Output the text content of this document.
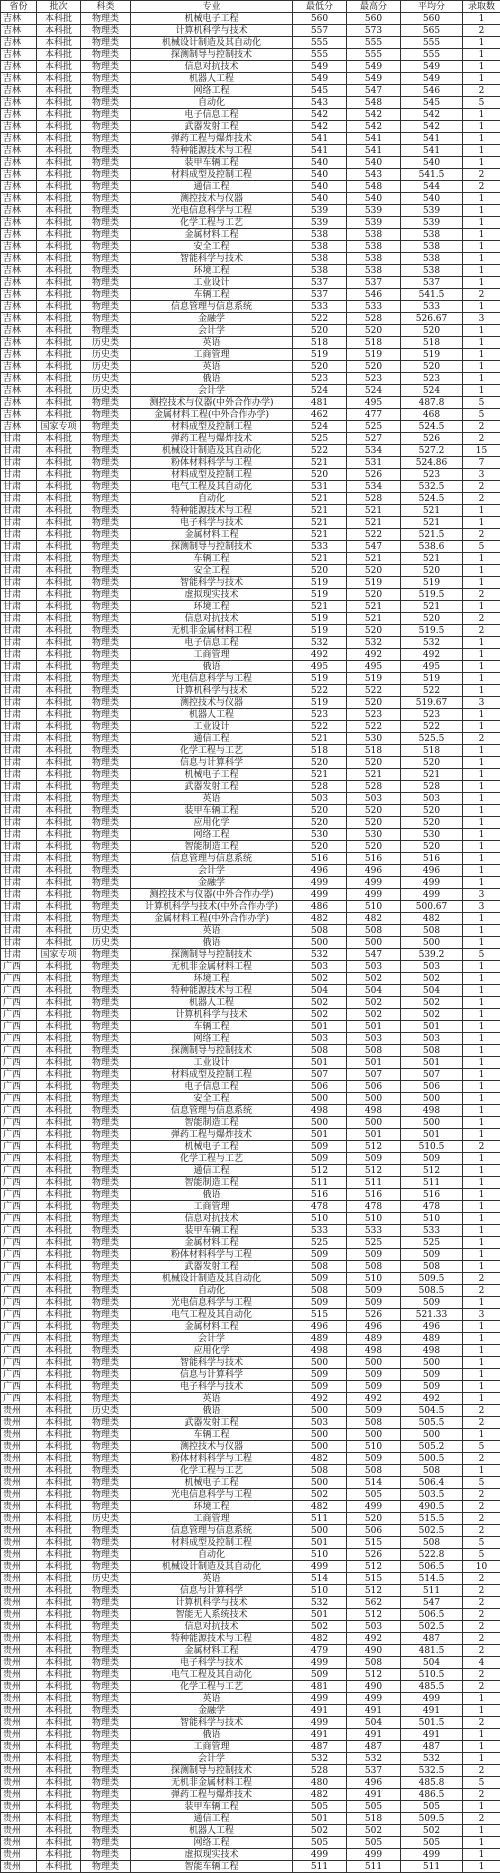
省份	批次	科类	专业	最低分	最高分	平均分	录取数
吉林	本科批	物理类	机械电子工程	560	560	560	1
吉林	本科批	物理类	计算机科学与技术	557	573	565	2
吉林	本科批	物理类	机械设计制造及其自动化	555	555	555	1
吉林	本科批	物理类	探测制导与控制技术	555	555	555	1
吉林	本科批	物理类	信息对抗技术	549	549	549	1
吉林	本科批	物理类	机器人工程	549	549	549	1
吉林	本科批	物理类	网络工程	545	547	546	2
吉林	本科批	物理类	自动化	543	548	545	5
吉林	本科批	物理类	电子信息工程	542	542	542	1
吉林	本科批	物理类	武器发射工程	542	542	542	1
吉林	本科批	物理类	弹药工程与爆炸技术	541	541	541	1
吉林	本科批	物理类	特种能源技术与工程	541	541	541	1
吉林	本科批	物理类	装甲车辆工程	540	540	540	1
吉林	本科批	物理类	材料成型及控制工程	540	543	541.5	2
吉林	本科批	物理类	通信工程	540	548	544	2
吉林	本科批	物理类	测控技术与仪器	540	540	540	1
吉林	本科批	物理类	光电信息科学与工程	539	539	539	1
吉林	本科批	物理类	化学工程与工艺	539	539	539	1
吉林	本科批	物理类	金属材料工程	538	538	538	1
吉林	本科批	物理类	安全工程	538	538	538	1
吉林	本科批	物理类	智能科学与技术	538	538	538	1
吉林	本科批	物理类	环境工程	538	538	538	1
吉林	本科批	物理类	工业设计	537	537	537	1
吉林	本科批	物理类	车辆工程	537	546	541.5	2
吉林	本科批	物理类	信息管理与信息系统	533	533	533	1
吉林	本科批	物理类	金融学	522	528	526.67	3
吉林	本科批	物理类	会计学	520	520	520	1
吉林	本科批	历史类	英语	518	518	518	1
吉林	本科批	历史类	工商管理	519	519	519	1
吉林	本科批	历史类	英语	520	520	520	1
吉林	本科批	历史类	俄语	523	523	523	1
吉林	本科批	历史类	会计学	524	524	524	1
吉林	本科批	物理类	测控技术与仪器(中外合作办学)	481	495	487.8	5
吉林	本科批	物理类	金属材料工程(中外合作办学)	462	477	468	5
吉林	国家专项	物理类	材料成型及控制工程	524	525	524.5	2
甘肃	本科批	物理类	弹药工程与爆炸技术	525	527	526	2
甘肃	本科批	物理类	机械设计制造及其自动化	522	534	527.2	15
甘肃	本科批	物理类	粉体材料科学与工程	521	531	524.86	7
甘肃	本科批	物理类	材料成型及控制工程	520	526	523	3
甘肃	本科批	物理类	电气工程及其自动化	531	534	532.5	2
甘肃	本科批	物理类	自动化	521	528	524.5	2
甘肃	本科批	物理类	特种能源技术与工程	521	521	521	1
甘肃	本科批	物理类	电子科学与技术	521	521	521	1
甘肃	本科批	物理类	金属材料工程	521	522	521.5	2
甘肃	本科批	物理类	探测制导与控制技术	533	547	538.6	5
甘肃	本科批	物理类	车辆工程	521	521	521	1
甘肃	本科批	物理类	安全工程	520	520	520	1
甘肃	本科批	物理类	智能科学与技术	519	519	519	1
甘肃	本科批	物理类	虚拟现实技术	519	520	519.5	2
甘肃	本科批	物理类	环境工程	521	521	521	1
甘肃	本科批	物理类	信息对抗技术	519	521	520	2
甘肃	本科批	物理类	无机非金属材料工程	519	520	519.5	2
甘肃	本科批	物理类	电子信息工程	532	532	532	1
甘肃	本科批	物理类	工商管理	492	492	492	1
甘肃	本科批	物理类	俄语	495	495	495	1
甘肃	本科批	物理类	光电信息科学与工程	519	519	519	1
甘肃	本科批	物理类	计算机科学与技术	522	522	522	1
甘肃	本科批	物理类	测控技术与仪器	519	520	519.67	3
甘肃	本科批	物理类	机器人工程	523	523	523	1
甘肃	本科批	物理类	工业设计	522	522	522	1
甘肃	本科批	物理类	通信工程	521	530	525.5	2
甘肃	本科批	物理类	化学工程与工艺	518	518	518	1
甘肃	本科批	物理类	信息与计算科学	520	520	520	1
甘肃	本科批	物理类	机械电子工程	521	521	521	1
甘肃	本科批	物理类	武器发射工程	528	528	528	1
甘肃	本科批	物理类	英语	503	503	503	1
甘肃	本科批	物理类	装甲车辆工程	520	520	520	1
甘肃	本科批	物理类	应用化学	520	520	520	1
甘肃	本科批	物理类	网络工程	530	530	530	1
甘肃	本科批	物理类	智能制造工程	520	520	520	1
甘肃	本科批	物理类	信息管理与信息系统	516	516	516	1
甘肃	本科批	物理类	会计学	496	496	496	1
甘肃	本科批	物理类	金融学	499	499	499	1
甘肃	本科批	物理类	测控技术与仪器(中外合作办学)	499	499	499	3
甘肃	本科批	物理类	计算机科学与技术(中外合作办学)	486	510	500.67	3
甘肃	本科批	物理类	金属材料工程(中外合作办学)	482	482	482	1
甘肃	本科批	历史类	英语	508	508	508	1
甘肃	本科批	历史类	俄语	500	500	500	1
甘肃	国家专项	物理类	探测制导与控制技术	532	547	539.2	5
广西	本科批	物理类	无机非金属材料工程	503	503	503	1
广西	本科批	物理类	环境工程	502	502	502	1
广西	本科批	物理类	特种能源技术与工程	504	504	504	1
广西	本科批	物理类	机器人工程	502	502	502	1
广西	本科批	物理类	计算机科学与技术	502	502	502	1
广西	本科批	物理类	车辆工程	501	501	501	1
广西	本科批	物理类	网络工程	503	503	503	1
广西	本科批	物理类	探测制导与控制技术	508	508	508	1
广西	本科批	物理类	工业设计	501	501	501	1
广西	本科批	物理类	材料成型及控制工程	507	507	507	1
广西	本科批	物理类	电子信息工程	506	506	506	1
广西	本科批	物理类	安全工程	500	500	500	1
广西	本科批	物理类	信息管理与信息系统	498	498	498	1
广西	本科批	物理类	智能制造工程	500	500	500	1
广西	本科批	物理类	弹药工程与爆炸技术	501	501	501	1
广西	本科批	物理类	机械电子工程	509	512	510.5	2
广西	本科批	物理类	化学工程与工艺	509	509	509	1
广西	本科批	物理类	通信工程	512	512	512	1
广西	本科批	物理类	智能制造工程	511	511	511	1
广西	本科批	物理类	俄语	516	516	516	1
广西	本科批	物理类	工商管理	478	478	478	1
广西	本科批	物理类	信息对抗技术	510	510	510	1
广西	本科批	物理类	装甲车辆工程	533	533	533	1
广西	本科批	物理类	金属材料工程	525	525	525	1
广西	本科批	物理类	粉体材料科学与工程	509	509	509	1
广西	本科批	物理类	武器发射工程	508	508	508	1
广西	本科批	物理类	机械设计制造及其自动化	509	510	509.5	2
广西	本科批	物理类	自动化	508	509	508.5	2
广西	本科批	物理类	光电信息科学与工程	509	509	509	1
广西	本科批	物理类	电气工程及其自动化	515	526	521.33	3
广西	本科批	物理类	金属材料工程	496	496	496	1
广西	本科批	物理类	会计学	489	489	489	1
广西	本科批	物理类	应用化学	498	498	498	1
广西	本科批	物理类	智能科学与技术	500	500	500	1
广西	本科批	物理类	信息与计算科学	509	509	509	1
广西	本科批	物理类	电子科学与技术	509	509	509	1
广西	本科批	物理类	英语	492	492	492	1
贵州	本科批	历史类	俄语	500	509	504.5	2
贵州	本科批	物理类	武器发射工程	503	508	505.5	2
贵州	本科批	物理类	车辆工程	500	500	500	1
贵州	本科批	物理类	测控技术与仪器	500	510	505.2	5
贵州	本科批	物理类	粉体材料科学与工程	482	509	500.5	2
贵州	本科批	物理类	化学工程与工艺	508	508	508	1
贵州	本科批	物理类	机械电子工程	500	514	506.4	5
贵州	本科批	物理类	光电信息科学与工程	502	505	503.5	2
贵州	本科批	物理类	环境工程	482	499	490.5	2
贵州	本科批	历史类	工商管理	511	520	515.5	2
贵州	本科批	物理类	信息管理与信息系统	500	506	502.5	2
贵州	本科批	物理类	材料成型及控制工程	501	515	508	5
贵州	本科批	物理类	自动化	510	526	522.8	5
贵州	本科批	物理类	机械设计制造及其自动化	499	512	506.5	10
贵州	本科批	历史类	英语	514	515	514.5	2
贵州	本科批	物理类	信息与计算科学	510	512	511	2
贵州	本科批	物理类	计算机科学与技术	532	562	547	2
贵州	本科批	物理类	智能无人系统技术	501	512	506.5	2
贵州	本科批	物理类	信息对抗技术	502	503	502.5	2
贵州	本科批	物理类	特种能源技术与工程	482	492	487	2
贵州	本科批	物理类	金属材料工程	479	490	481.5	2
贵州	本科批	物理类	电子科学与技术	499	508	504	4
贵州	本科批	物理类	电气工程及其自动化	509	512	510.5	2
贵州	本科批	物理类	化学工程与工艺	481	490	485.5	2
贵州	本科批	物理类	英语	499	499	499	1
贵州	本科批	物理类	金融学	491	491	491	1
贵州	本科批	物理类	智能科学与技术	499	504	501.5	2
贵州	本科批	物理类	俄语	491	491	491	1
贵州	本科批	物理类	工商管理	487	487	487	1
贵州	本科批	物理类	会计学	532	532	532	1
贵州	本科批	物理类	探测制导与控制技术	528	537	532.5	2
贵州	本科批	物理类	无机非金属材料工程	480	496	485.8	5
贵州	本科批	物理类	弹药工程与爆炸技术	482	491	486.5	2
贵州	本科批	物理类	装甲车辆工程	505	505	505	1
贵州	本科批	物理类	通信工程	501	518	509.5	2
贵州	本科批	物理类	机器人工程	502	502	502	1
贵州	本科批	物理类	网络工程	505	505	505	1
贵州	本科批	物理类	虚拟现实技术	499	499	499	1
贵州	本科批	物理类	智能车辆工程	511	511	511	1
